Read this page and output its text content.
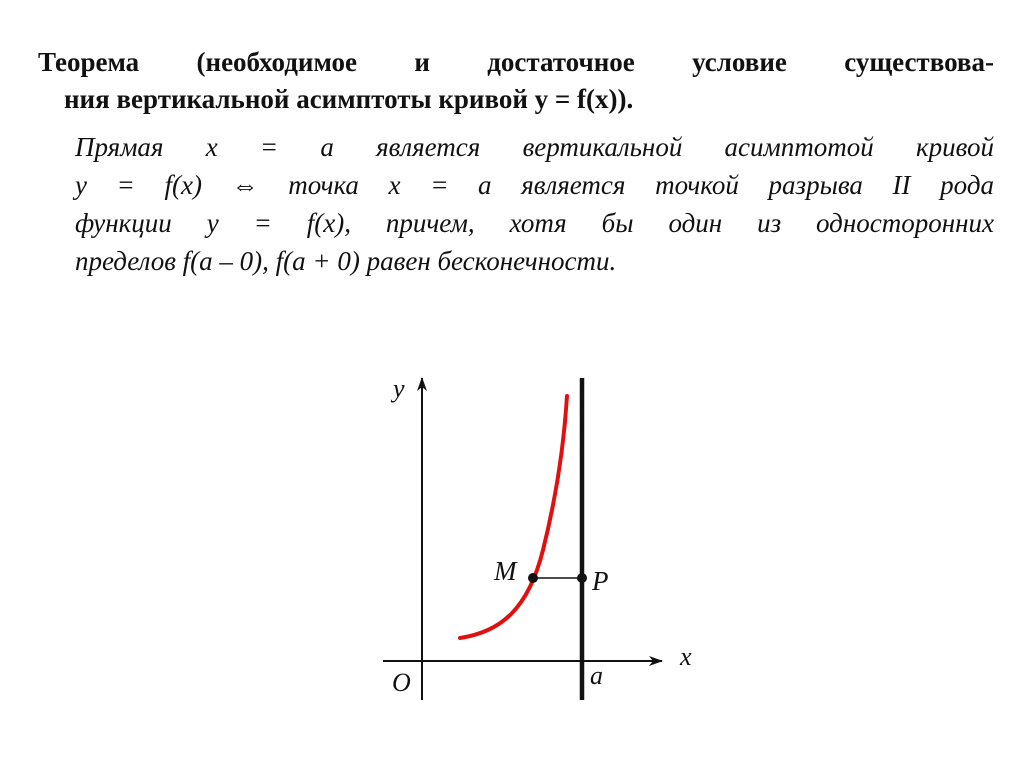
Теорема (необходимое и достаточное условие существова-
ния вертикальной асимптоты кривой y = f(x)).
Прямая x = a является вертикальной асимптотой кривой
y = f(x) ⇔ точка x = a является точкой разрыва II рода
функции y = f(x), причем, хотя бы один из односторонних
пределов f(a – 0), f(a + 0) равен бесконечности.
y
x
O	a
M	P
